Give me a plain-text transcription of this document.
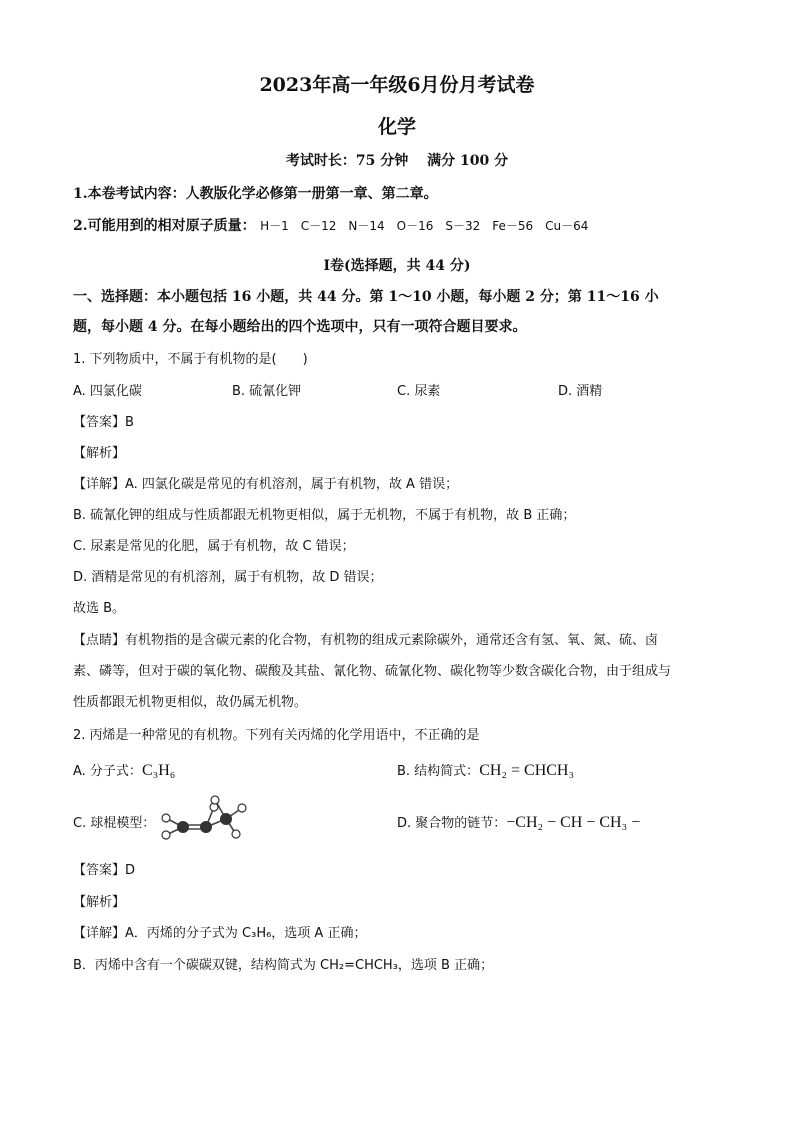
2023年高一年级6月份月考试卷
化学
考试时长：75 分钟　 满分 100 分
1.本卷考试内容：人教版化学必修第一册第一章、第二章。
2.可能用到的相对原子质量： H－1　C－12　N－14　O－16　S－32　Fe－56　Cu－64
Ⅰ卷(选择题，共 44 分)
一、选择题：本小题包括 16 小题，共 44 分。第 1～10 小题，每小题 2 分；第 11～16 小
题，每小题 4 分。在每小题给出的四个选项中，只有一项符合题目要求。
1. 下列物质中，不属于有机物的是(　　)
A. 四氯化碳	B. 硫氰化钾	C. 尿素	D. 酒精
【答案】B
【解析】
【详解】A. 四氯化碳是常见的有机溶剂，属于有机物，故 A 错误；
B. 硫氰化钾的组成与性质都跟无机物更相似，属于无机物，不属于有机物，故 B 正确；
C. 尿素是常见的化肥，属于有机物，故 C 错误；
D. 酒精是常见的有机溶剂，属于有机物，故 D 错误；
故选 B。
【点睛】有机物指的是含碳元素的化合物，有机物的组成元素除碳外，通常还含有氢、氧、氮、硫、卤
素、磷等，但对于碳的氧化物、碳酸及其盐、氰化物、硫氰化物、碳化物等少数含碳化合物，由于组成与
性质都跟无机物更相似，故仍属无机物。
2. 丙烯是一种常见的有机物。下列有关丙烯的化学用语中，不正确的是
A. 分子式：C₃H₆	B. 结构简式：CH₂ = CHCH₃
C. 球棍模型：	D. 聚合物的链节：−CH₂ − CH − CH₃ −
【答案】D
【解析】
【详解】A．丙烯的分子式为 C₃H₆，选项 A 正确；
B．丙烯中含有一个碳碳双键，结构简式为 CH₂=CHCH₃，选项 B 正确；
